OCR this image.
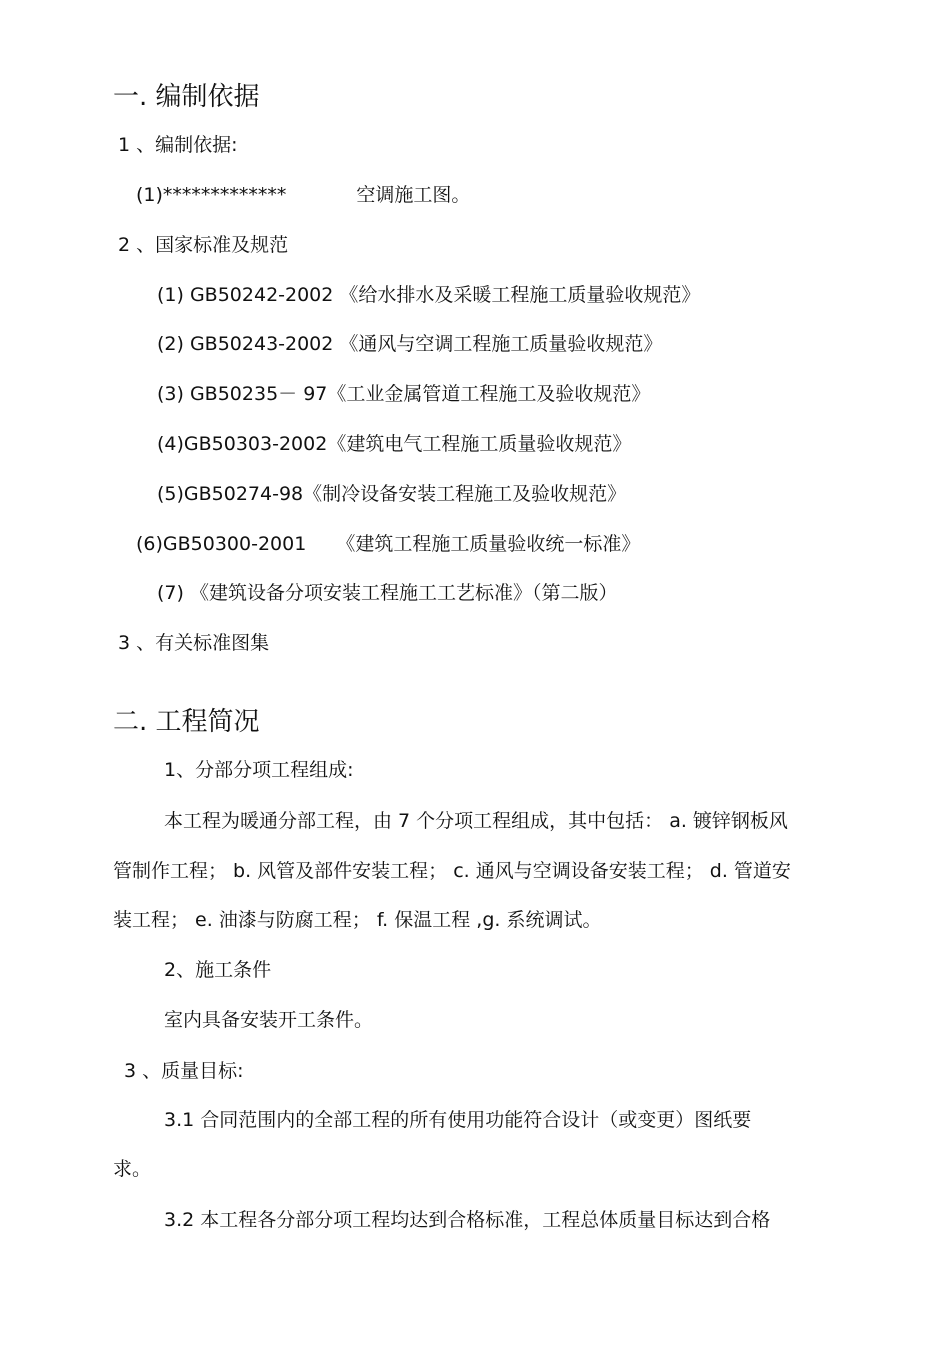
一. 编制依据
1 、编制依据:
(1)*************	空调施工图。
2 、国家标准及规范
(1) GB50242-2002 《给水排水及采暖工程施工质量验收规范》
(2) GB50243-2002 《通风与空调工程施工质量验收规范》
(3) GB50235－ 97《工业金属管道工程施工及验收规范》
(4)GB50303-2002《建筑电气工程施工质量验收规范》
(5)GB50274-98《制冷设备安装工程施工及验收规范》
(6)GB50300-2001 《建筑工程施工质量验收统一标准》
(7) 《建筑设备分项安装工程施工工艺标准》（第二版）
3 、有关标准图集
二. 工程简况
1、分部分项工程组成:
本工程为暖通分部工程，由 7 个分项工程组成，其中包括： a. 镀锌钢板风
管制作工程； b. 风管及部件安装工程； c. 通风与空调设备安装工程； d. 管道安
装工程； e. 油漆与防腐工程； f. 保温工程 ,g. 系统调试。
2、施工条件
室内具备安装开工条件。
3 、质量目标:
3.1 合同范围内的全部工程的所有使用功能符合设计（或变更）图纸要
求。
3.2 本工程各分部分项工程均达到合格标准，工程总体质量目标达到合格
